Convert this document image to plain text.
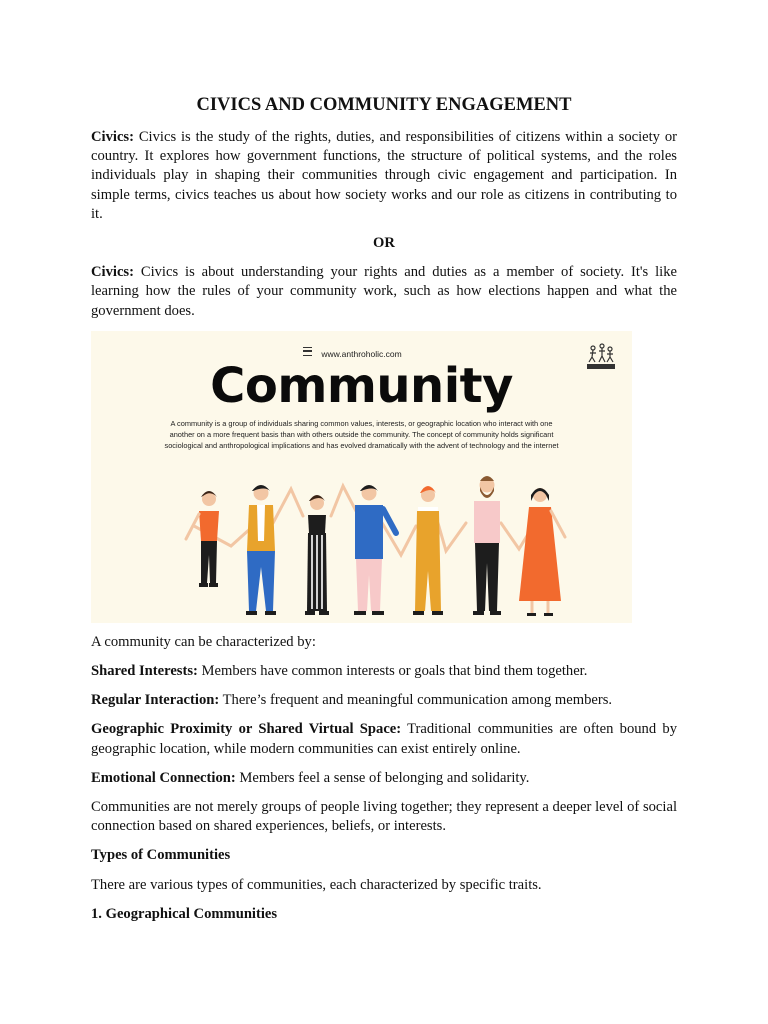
CIVICS AND COMMUNITY ENGAGEMENT

Civics: Civics is the study of the rights, duties, and responsibilities of citizens within a society or country. It explores how government functions, the structure of political systems, and the roles individuals play in shaping their communities through civic engagement and participation. In simple terms, civics teaches us about how society works and our role as citizens in contributing to it.

OR

Civics: Civics is about understanding your rights and duties as a member of society. It's like learning how the rules of your community work, such as how elections happen and what the government does.

www.anthroholic.com
Community
A community is a group of individuals sharing common values, interests, or geographic location who interact with one another on a more frequent basis than with others outside the community. The concept of community holds significant sociological and anthropological implications and has evolved dramatically with the advent of technology and the internet

A community can be characterized by:

Shared Interests: Members have common interests or goals that bind them together.

Regular Interaction: There’s frequent and meaningful communication among members.

Geographic Proximity or Shared Virtual Space: Traditional communities are often bound by geographic location, while modern communities can exist entirely online.

Emotional Connection: Members feel a sense of belonging and solidarity.

Communities are not merely groups of people living together; they represent a deeper level of social connection based on shared experiences, beliefs, or interests.

Types of Communities

There are various types of communities, each characterized by specific traits.

1. Geographical Communities
